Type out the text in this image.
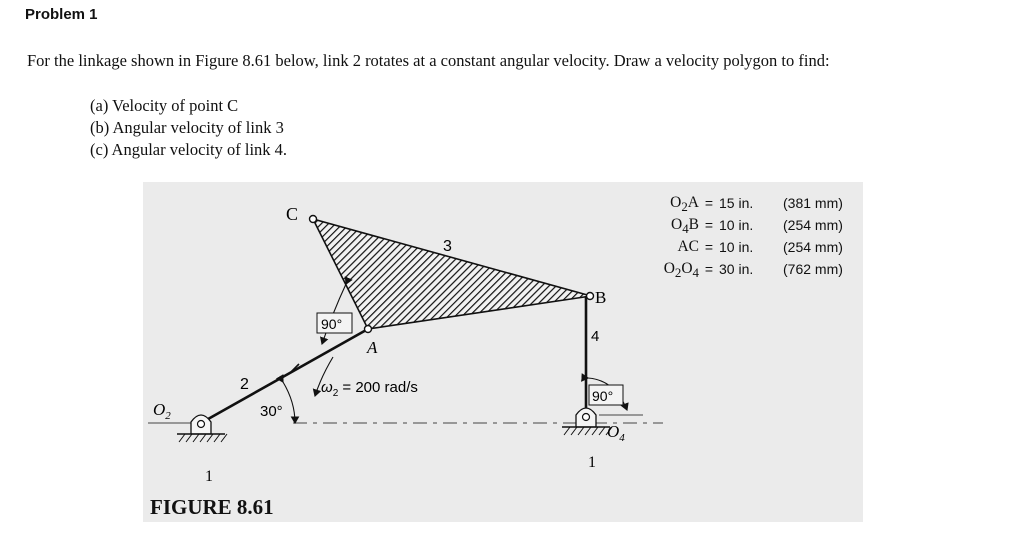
Problem 1
For the linkage shown in Figure 8.61 below, link 2 rotates at a constant angular velocity. Draw a velocity polygon to find:
(a) Velocity of point C
(b) Angular velocity of link 3
(c) Angular velocity of link 4.
C
A
B
3
2
4
1
1
$O_2$
$O_4$
90°
90°
30°
$\omega_2 = 200$ rad/s
$O_2A = 15$ in.	(381 mm)
$O_4B = 10$ in.	(254 mm)
AC = 10 in.	(254 mm)
$O_2O_4 = 30$ in.	(762 mm)
FIGURE 8.61
